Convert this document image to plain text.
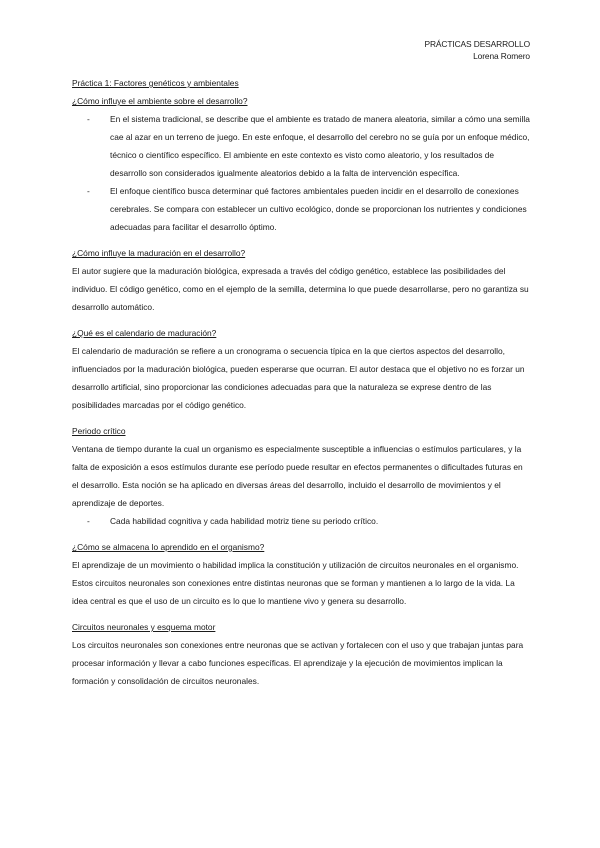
PRÁCTICAS DESARROLLO
Lorena Romero

Práctica 1: Factores genéticos y ambientales

¿Cómo influye el ambiente sobre el desarrollo?

- En el sistema tradicional, se describe que el ambiente es tratado de manera aleatoria, similar a cómo una semilla cae al azar en un terreno de juego. En este enfoque, el desarrollo del cerebro no se guía por un enfoque médico, técnico o científico específico. El ambiente en este contexto es visto como aleatorio, y los resultados de desarrollo son considerados igualmente aleatorios debido a la falta de intervención específica.
- El enfoque científico busca determinar qué factores ambientales pueden incidir en el desarrollo de conexiones cerebrales. Se compara con establecer un cultivo ecológico, donde se proporcionan los nutrientes y condiciones adecuadas para facilitar el desarrollo óptimo.

¿Cómo influye la maduración en el desarrollo?

El autor sugiere que la maduración biológica, expresada a través del código genético, establece las posibilidades del individuo. El código genético, como en el ejemplo de la semilla, determina lo que puede desarrollarse, pero no garantiza su desarrollo automático.

¿Qué es el calendario de maduración?

El calendario de maduración se refiere a un cronograma o secuencia típica en la que ciertos aspectos del desarrollo, influenciados por la maduración biológica, pueden esperarse que ocurran. El autor destaca que el objetivo no es forzar un desarrollo artificial, sino proporcionar las condiciones adecuadas para que la naturaleza se exprese dentro de las posibilidades marcadas por el código genético.

Periodo crítico

Ventana de tiempo durante la cual un organismo es especialmente susceptible a influencias o estímulos particulares, y la falta de exposición a esos estímulos durante ese período puede resultar en efectos permanentes o dificultades futuras en el desarrollo. Esta noción se ha aplicado en diversas áreas del desarrollo, incluido el desarrollo de movimientos y el aprendizaje de deportes.

- Cada habilidad cognitiva y cada habilidad motriz tiene su periodo crítico.

¿Cómo se almacena lo aprendido en el organismo?

El aprendizaje de un movimiento o habilidad implica la constitución y utilización de circuitos neuronales en el organismo. Estos circuitos neuronales son conexiones entre distintas neuronas que se forman y mantienen a lo largo de la vida. La idea central es que el uso de un circuito es lo que lo mantiene vivo y genera su desarrollo.

Circuitos neuronales y esquema motor

Los circuitos neuronales son conexiones entre neuronas que se activan y fortalecen con el uso y que trabajan juntas para procesar información y llevar a cabo funciones específicas. El aprendizaje y la ejecución de movimientos implican la formación y consolidación de circuitos neuronales.
